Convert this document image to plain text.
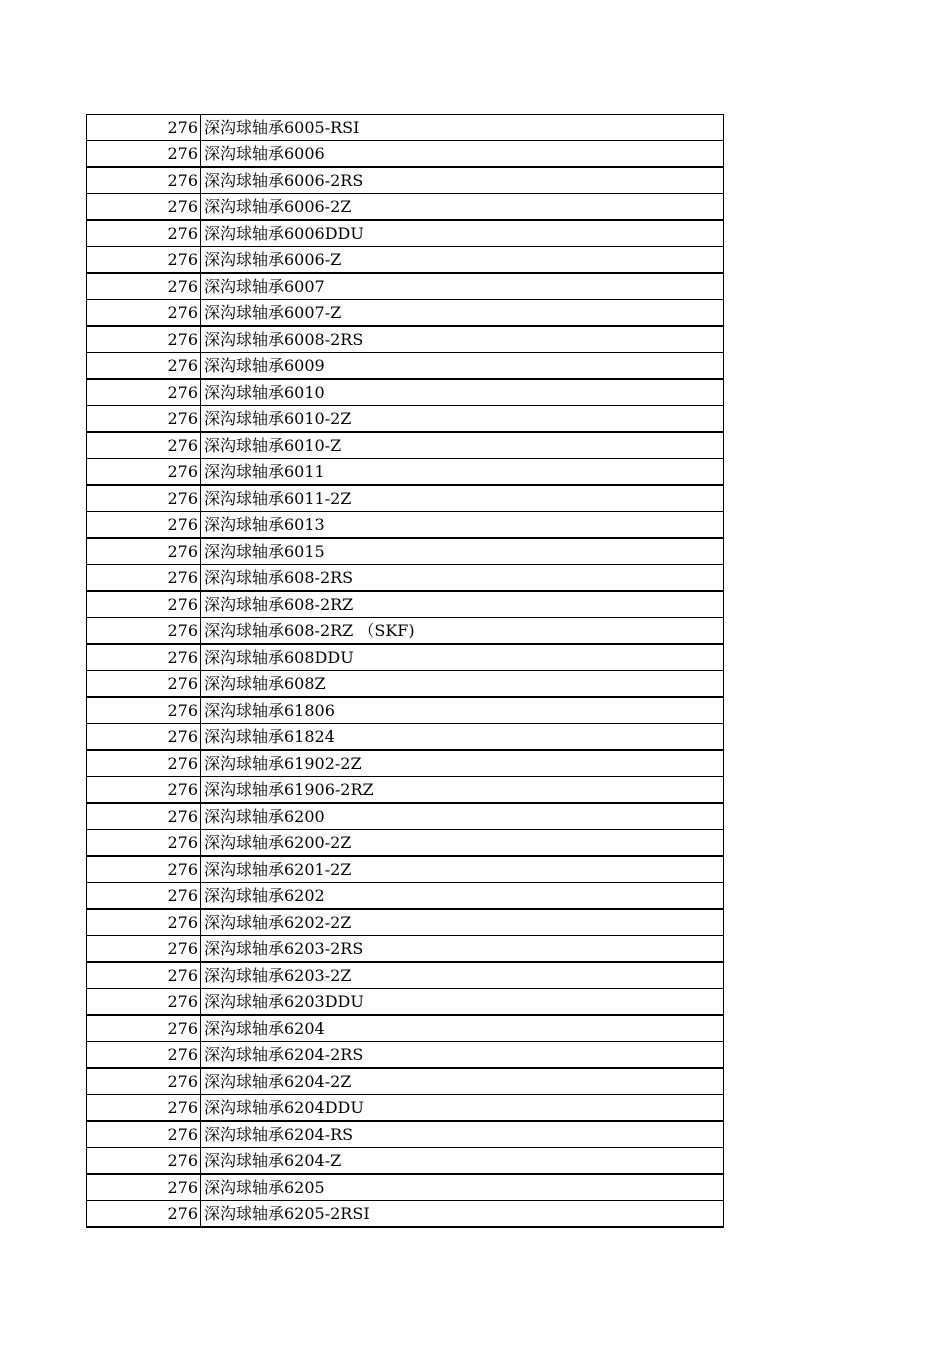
276	深沟球轴承6005-RSI
276	深沟球轴承6006
276	深沟球轴承6006-2RS
276	深沟球轴承6006-2Z
276	深沟球轴承6006DDU
276	深沟球轴承6006-Z
276	深沟球轴承6007
276	深沟球轴承6007-Z
276	深沟球轴承6008-2RS
276	深沟球轴承6009
276	深沟球轴承6010
276	深沟球轴承6010-2Z
276	深沟球轴承6010-Z
276	深沟球轴承6011
276	深沟球轴承6011-2Z
276	深沟球轴承6013
276	深沟球轴承6015
276	深沟球轴承608-2RS
276	深沟球轴承608-2RZ
276	深沟球轴承608-2RZ （SKF)
276	深沟球轴承608DDU
276	深沟球轴承608Z
276	深沟球轴承61806
276	深沟球轴承61824
276	深沟球轴承61902-2Z
276	深沟球轴承61906-2RZ
276	深沟球轴承6200
276	深沟球轴承6200-2Z
276	深沟球轴承6201-2Z
276	深沟球轴承6202
276	深沟球轴承6202-2Z
276	深沟球轴承6203-2RS
276	深沟球轴承6203-2Z
276	深沟球轴承6203DDU
276	深沟球轴承6204
276	深沟球轴承6204-2RS
276	深沟球轴承6204-2Z
276	深沟球轴承6204DDU
276	深沟球轴承6204-RS
276	深沟球轴承6204-Z
276	深沟球轴承6205
276	深沟球轴承6205-2RSI
